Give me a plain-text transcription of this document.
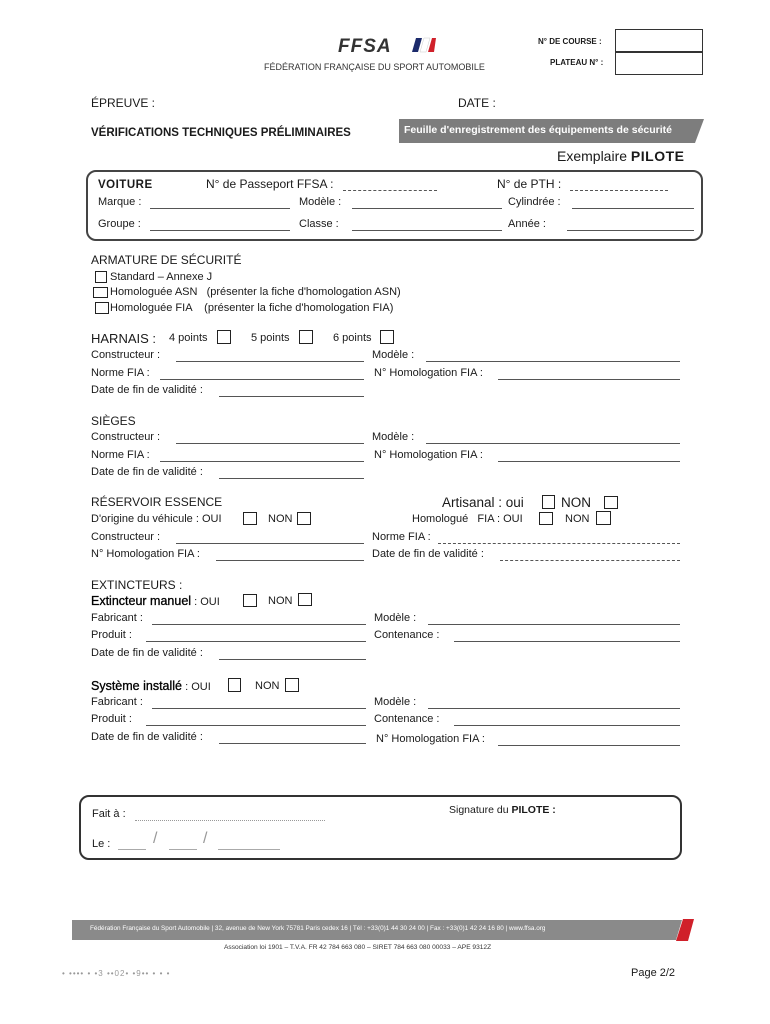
FFSA
FÉDÉRATION FRANÇAISE DU SPORT AUTOMOBILE
N° DE COURSE :
PLATEAU N° :
ÉPREUVE :	DATE :
VÉRIFICATIONS TECHNIQUES PRÉLIMINAIRES	Feuille d'enregistrement des équipements de sécurité
Exemplaire PILOTE
VOITURE	N° de Passeport FFSA :	N° de PTH :
Marque :	Modèle :	Cylindrée :
Groupe :	Classe :	Année :
ARMATURE DE SÉCURITÉ
Standard – Annexe J
Homologuée ASN   (présenter la fiche d'homologation ASN)
Homologuée FIA    (présenter la fiche d'homologation FIA)
HARNAIS : 4 points	5 points	6 points
Constructeur :	Modèle :
Norme FIA :	N° Homologation FIA :
Date de fin de validité :
SIÈGES
Constructeur :	Modèle :
Norme FIA :	N° Homologation FIA :
Date de fin de validité :
RÉSERVOIR ESSENCE	Artisanal : oui	NON
D'origine du véhicule : OUI	NON	Homologué   FIA : OUI	NON
Constructeur :	Norme FIA :
N° Homologation FIA :	Date de fin de validité :
EXTINCTEURS :
Extincteur manuel : OUI	NON
Fabricant :	Modèle :
Produit :	Contenance :
Date de fin de validité :
Système installé : OUI	NON
Fabricant :	Modèle :
Produit :	Contenance :
Date de fin de validité :	N° Homologation FIA :
Fait à :	Signature du PILOTE :
Le :	/	/
Fédération Française du Sport Automobile | 32, avenue de New York 75781 Paris cedex 16 | Tél : +33(0)1 44 30 24 00 | Fax : +33(0)1 42 24 16 80 | www.ffsa.org
Association loi 1901 – T.V.A. FR 42 784 663 080 – SIRET 784 663 080 00033 – APE 9312Z
• •••• • •3 ••02• •9•• • • •	Page 2/2
